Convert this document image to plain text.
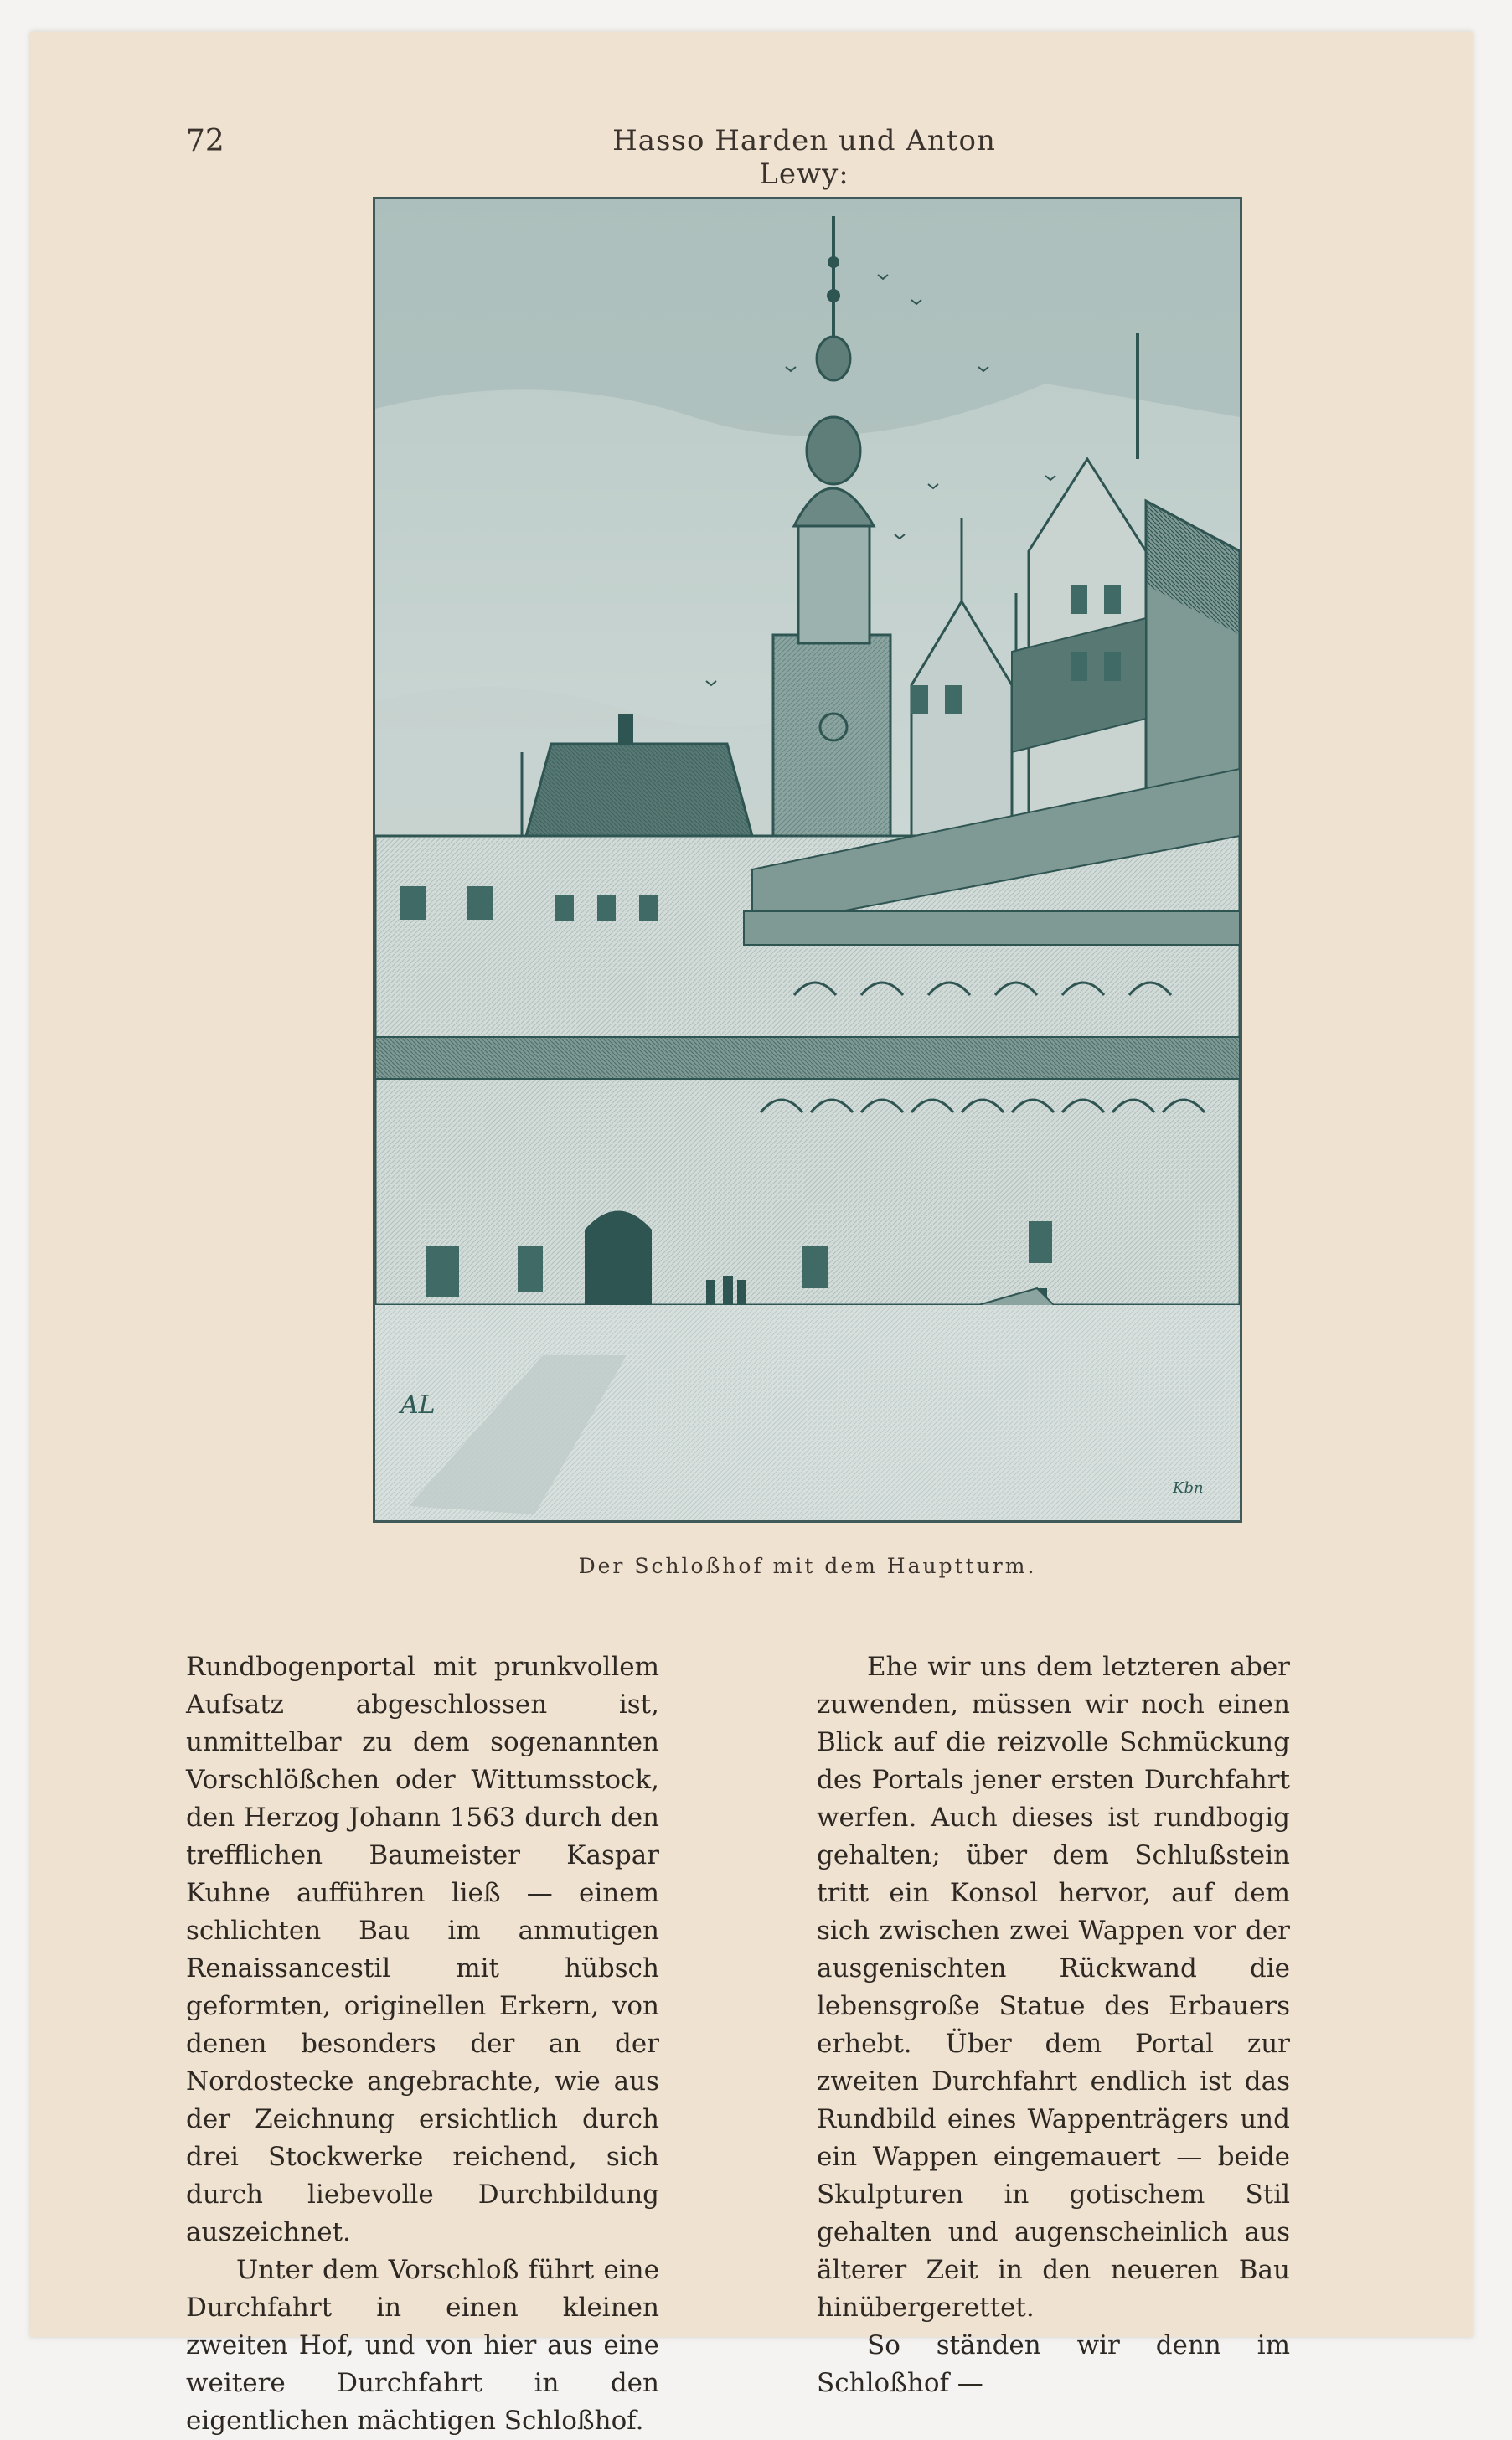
72	Hasso Harden und Anton Lewy:
AL
Kbn
Der Schloßhof mit dem Hauptturm.

Rundbogenportal mit prunkvollem Aufsatz abgeschlossen ist, unmittelbar zu dem sogenannten Vorschlößchen oder Wittumsstock, den Herzog Johann 1563 durch den trefflichen Baumeister Kaspar Kuhne aufführen ließ — einem schlichten Bau im anmutigen Renaissancestil mit hübsch geformten, originellen Erkern, von denen besonders der an der Nordostecke angebrachte, wie aus der Zeichnung ersichtlich durch drei Stockwerke reichend, sich durch liebevolle Durchbildung auszeichnet.

Unter dem Vorschloß führt eine Durchfahrt in einen kleinen zweiten Hof, und von hier aus eine weitere Durchfahrt in den eigentlichen mächtigen Schloßhof.

Ehe wir uns dem letzteren aber zuwenden, müssen wir noch einen Blick auf die reizvolle Schmückung des Portals jener ersten Durchfahrt werfen. Auch dieses ist rundbogig gehalten; über dem Schlußstein tritt ein Konsol hervor, auf dem sich zwischen zwei Wappen vor der ausgenischten Rückwand die lebensgroße Statue des Erbauers erhebt. Über dem Portal zur zweiten Durchfahrt endlich ist das Rundbild eines Wappenträgers und ein Wappen eingemauert — beide Skulpturen in gotischem Stil gehalten und augenscheinlich aus älterer Zeit in den neueren Bau hinübergerettet.

So ständen wir denn im Schloßhof —
